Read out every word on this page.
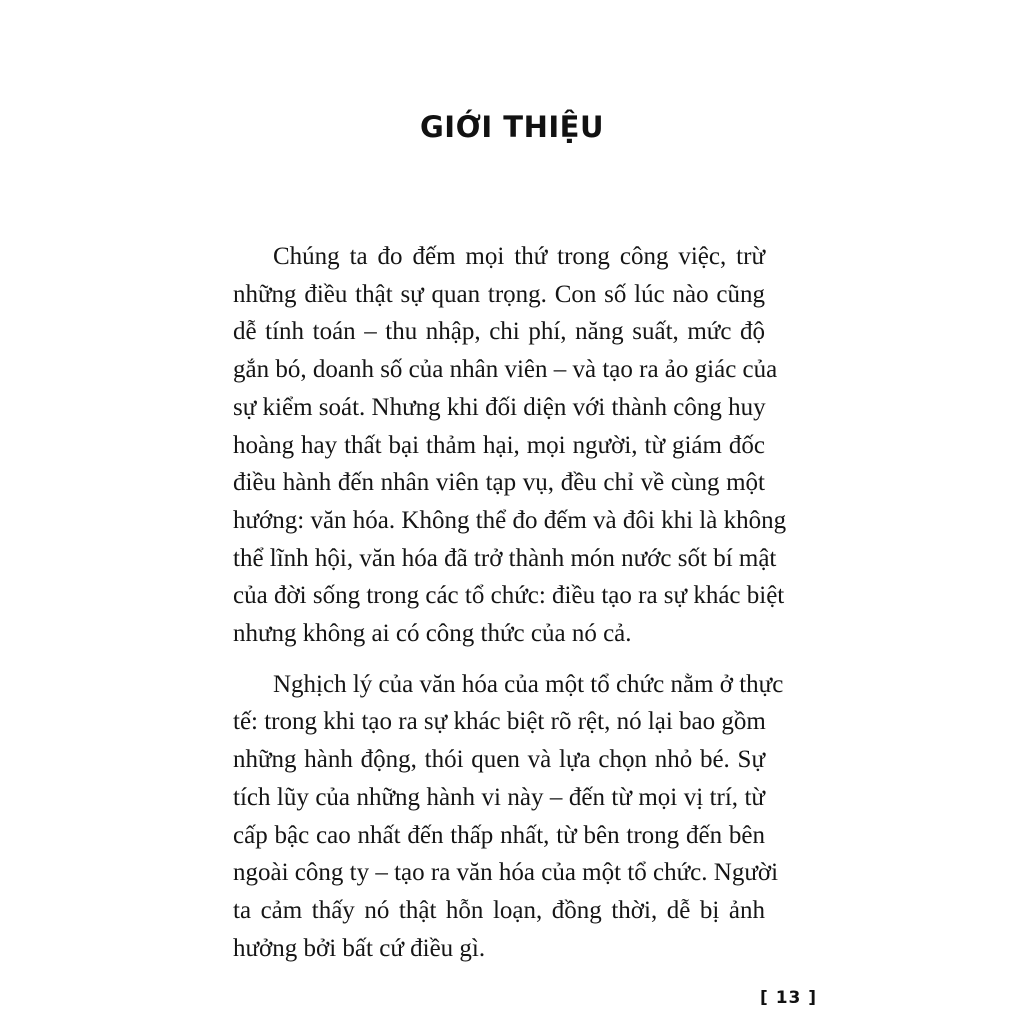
GIỚI THIỆU

Chúng ta đo đếm mọi thứ trong công việc, trừ
những điều thật sự quan trọng. Con số lúc nào cũng
dễ tính toán – thu nhập, chi phí, năng suất, mức độ
gắn bó, doanh số của nhân viên – và tạo ra ảo giác của
sự kiểm soát. Nhưng khi đối diện với thành công huy
hoàng hay thất bại thảm hại, mọi người, từ giám đốc
điều hành đến nhân viên tạp vụ, đều chỉ về cùng một
hướng: văn hóa. Không thể đo đếm và đôi khi là không
thể lĩnh hội, văn hóa đã trở thành món nước sốt bí mật
của đời sống trong các tổ chức: điều tạo ra sự khác biệt
nhưng không ai có công thức của nó cả.

Nghịch lý của văn hóa của một tổ chức nằm ở thực
tế: trong khi tạo ra sự khác biệt rõ rệt, nó lại bao gồm
những hành động, thói quen và lựa chọn nhỏ bé. Sự
tích lũy của những hành vi này – đến từ mọi vị trí, từ
cấp bậc cao nhất đến thấp nhất, từ bên trong đến bên
ngoài công ty – tạo ra văn hóa của một tổ chức. Người
ta cảm thấy nó thật hỗn loạn, đồng thời, dễ bị ảnh
hưởng bởi bất cứ điều gì.

[ 13 ]
